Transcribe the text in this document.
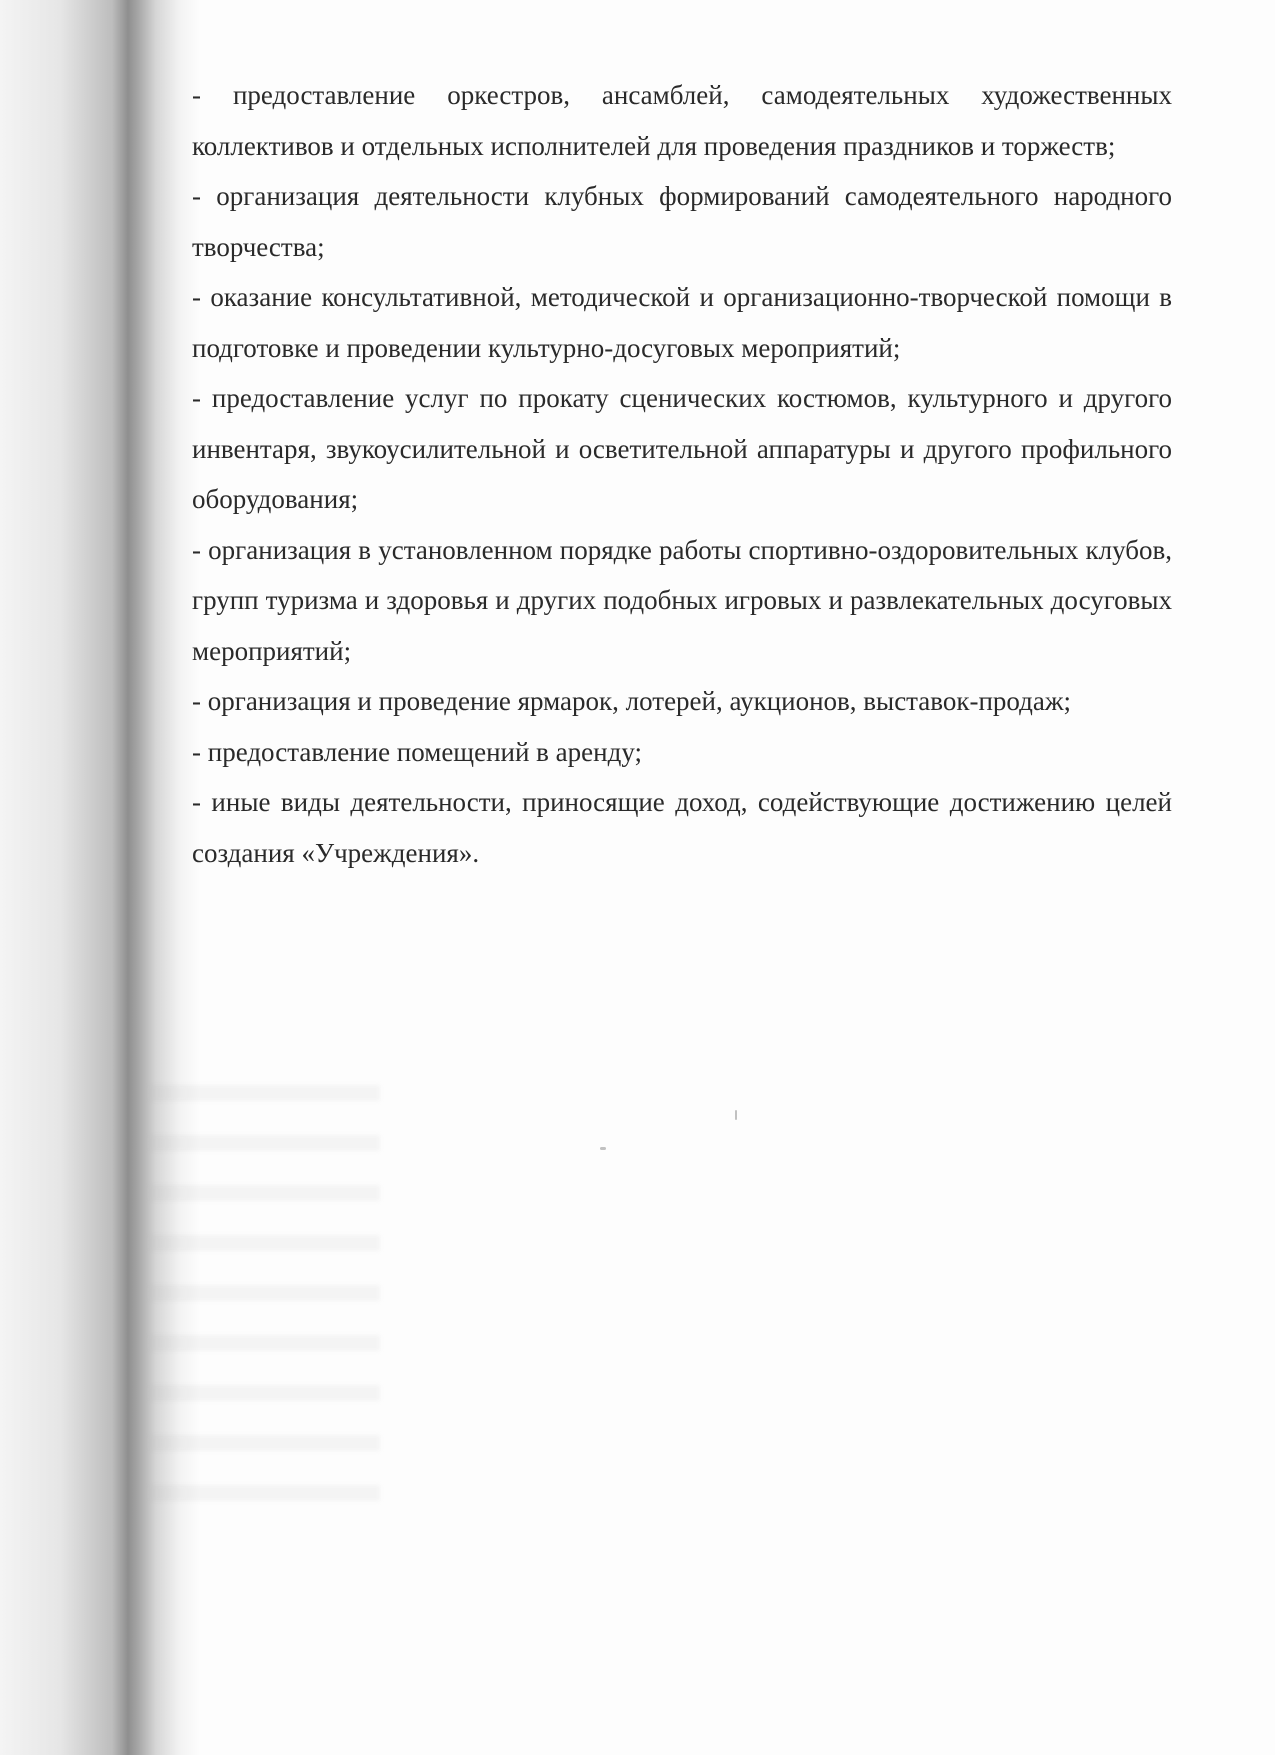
- предоставление оркестров, ансамблей, самодеятельных художественных коллективов и отдельных исполнителей для проведения праздников и торжеств;

- организация деятельности клубных формирований самодеятельного народного творчества;

- оказание консультативной, методической и организационно-творческой помощи в подготовке и проведении культурно-досуговых мероприятий;

- предоставление услуг по прокату сценических костюмов, культурного и другого инвентаря, звукоусилительной и осветительной аппаратуры и другого профильного оборудования;

- организация в установленном порядке работы спортивно-оздоровительных клубов, групп туризма и здоровья и других подобных игровых и развлекательных досуговых мероприятий;

- организация и проведение ярмарок, лотерей, аукционов, выставок-продаж;

- предоставление помещений в аренду;

- иные виды деятельности, приносящие доход, содействующие достижению целей создания «Учреждения».
